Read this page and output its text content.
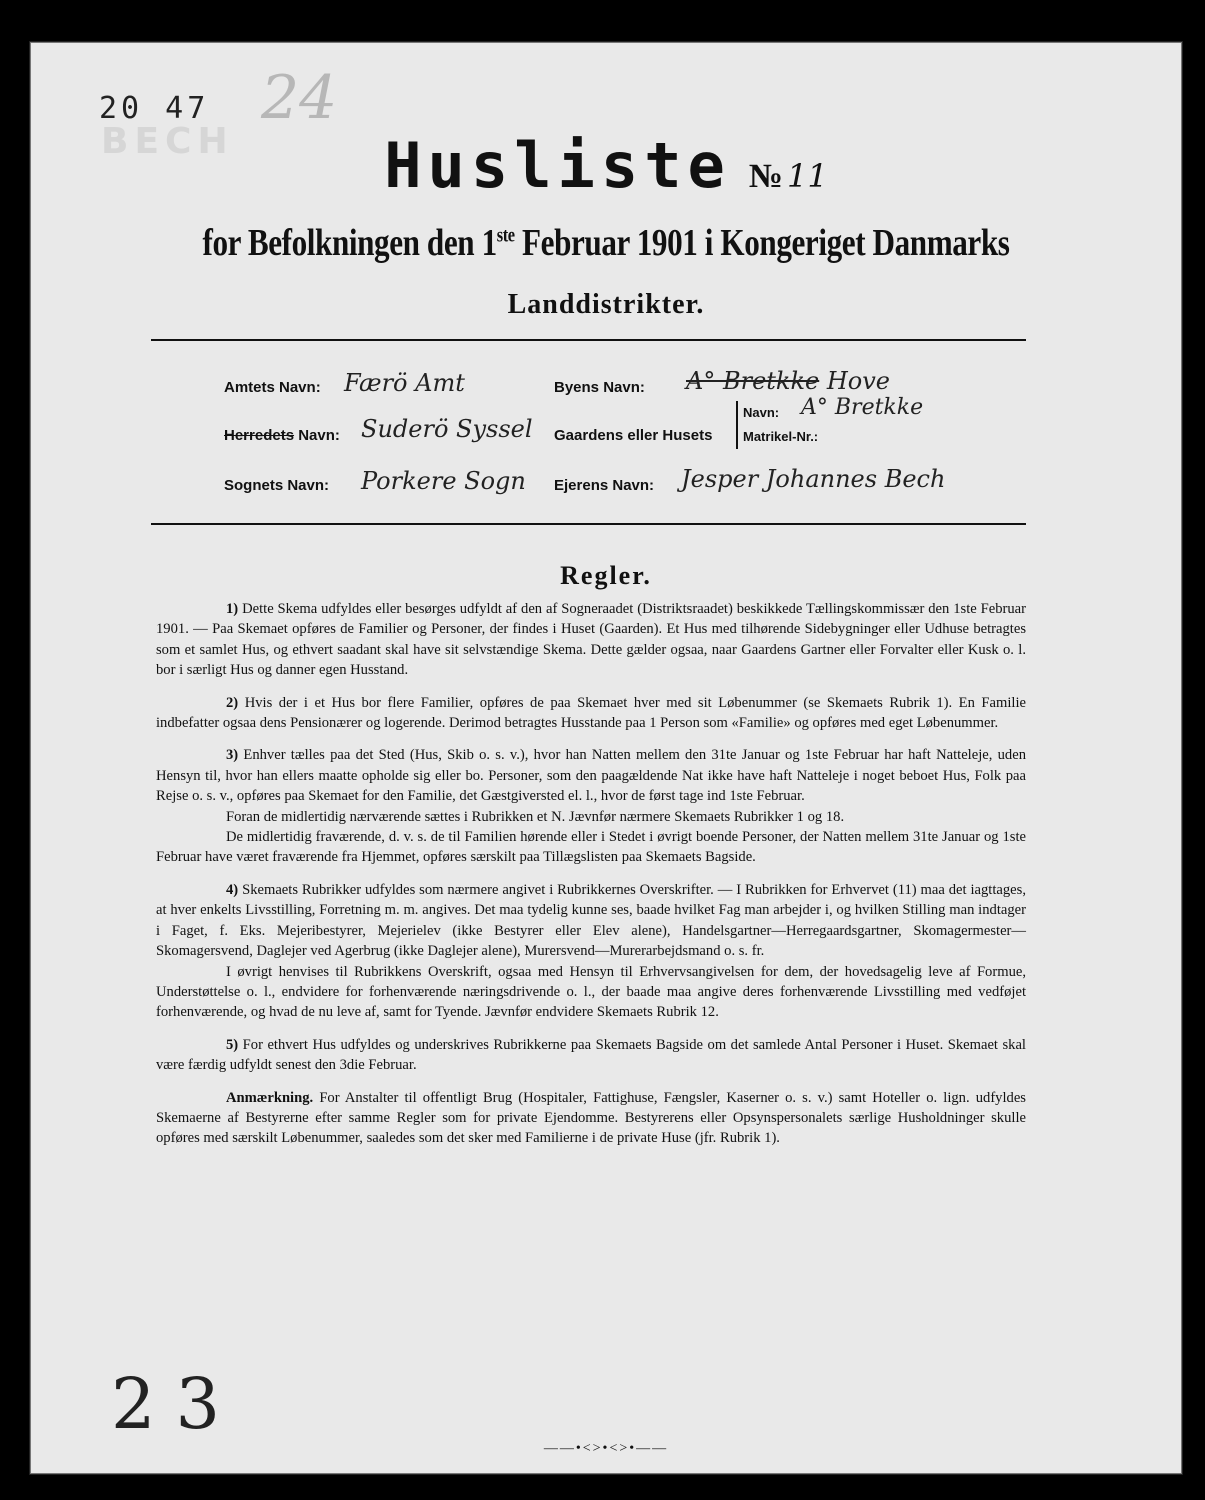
BECH
20 47 24
Husliste № 11
for Befolkningen den 1ste Februar 1901 i Kongeriget Danmarks
Landdistrikter.
Amtets Navn: Færö Amt
Herredets Navn: Suderö Syssel
Sognets Navn: Porkere Sogn
Byens Navn: A° Bretkke Hove
Gaardens eller Husets
Navn:
Matrikel-Nr.:
A° Bretkke
Ejerens Navn: Jesper Johannes Bech
Regler.

1) Dette Skema udfyldes eller besørges udfyldt af den af Sogneraadet (Distriktsraadet) beskikkede Tællingskommissær den 1ste Februar 1901. — Paa Skemaet opføres de Familier og Personer, der findes i Huset (Gaarden). Et Hus med tilhørende Sidebygninger eller Udhuse betragtes som et samlet Hus, og ethvert saadant skal have sit selvstændige Skema. Dette gælder ogsaa, naar Gaardens Gartner eller Forvalter eller Kusk o. l. bor i særligt Hus og danner egen Husstand.

2) Hvis der i et Hus bor flere Familier, opføres de paa Skemaet hver med sit Løbenummer (se Skemaets Rubrik 1). En Familie indbefatter ogsaa dens Pensionærer og logerende. Derimod betragtes Husstande paa 1 Person som «Familie» og opføres med eget Løbenummer.

3) Enhver tælles paa det Sted (Hus, Skib o. s. v.), hvor han Natten mellem den 31te Januar og 1ste Februar har haft Natteleje, uden Hensyn til, hvor han ellers maatte opholde sig eller bo. Personer, som den paagældende Nat ikke have haft Natteleje i noget beboet Hus, Folk paa Rejse o. s. v., opføres paa Skemaet for den Familie, det Gæstgiversted el. l., hvor de først tage ind 1ste Februar.

Foran de midlertidig nærværende sættes i Rubrikken et N. Jævnfør nærmere Skemaets Rubrikker 1 og 18.

De midlertidig fraværende, d. v. s. de til Familien hørende eller i Stedet i øvrigt boende Personer, der Natten mellem 31te Januar og 1ste Februar have været fraværende fra Hjemmet, opføres særskilt paa Tillægslisten paa Skemaets Bagside.

4) Skemaets Rubrikker udfyldes som nærmere angivet i Rubrikkernes Overskrifter. — I Rubrikken for Erhvervet (11) maa det iagttages, at hver enkelts Livsstilling, Forretning m. m. angives. Det maa tydelig kunne ses, baade hvilket Fag man arbejder i, og hvilken Stilling man indtager i Faget, f. Eks. Mejeribestyrer, Mejerielev (ikke Bestyrer eller Elev alene), Handelsgartner—Herregaardsgartner, Skomagermester—Skomagersvend, Daglejer ved Agerbrug (ikke Daglejer alene), Murersvend—Murerarbejdsmand o. s. fr.

I øvrigt henvises til Rubrikkens Overskrift, ogsaa med Hensyn til Erhvervsangivelsen for dem, der hovedsagelig leve af Formue, Understøttelse o. l., endvidere for forhenværende næringsdrivende o. l., der baade maa angive deres forhenværende Livsstilling med vedføjet forhenværende, og hvad de nu leve af, samt for Tyende. Jævnfør endvidere Skemaets Rubrik 12.

5) For ethvert Hus udfyldes og underskrives Rubrikkerne paa Skemaets Bagside om det samlede Antal Personer i Huset. Skemaet skal være færdig udfyldt senest den 3die Februar.

Anmærkning. For Anstalter til offentligt Brug (Hospitaler, Fattighuse, Fængsler, Kaserner o. s. v.) samt Hoteller o. lign. udfyldes Skemaerne af Bestyrerne efter samme Regler som for private Ejendomme. Bestyrerens eller Opsynspersonalets særlige Husholdninger skulle opføres med særskilt Løbenummer, saaledes som det sker med Familierne i de private Huse (jfr. Rubrik 1).

——•<>•<>•——
23
